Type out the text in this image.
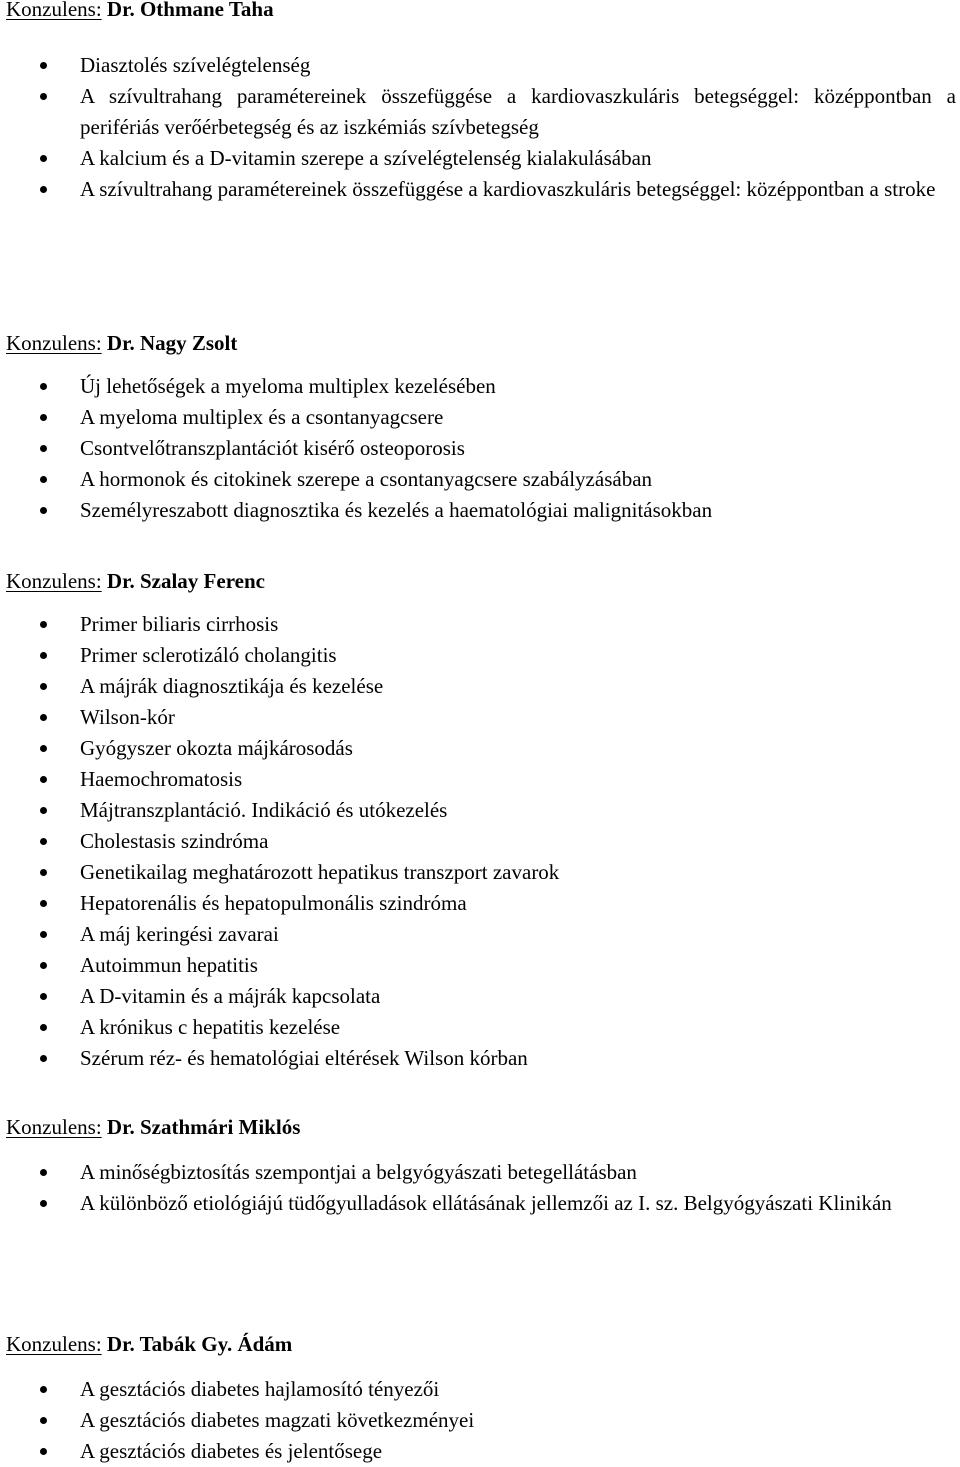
Konzulens: Dr. Othmane Taha
Diasztolés szívelégtelenség
A szívultrahang paramétereinek összefüggése a kardiovaszkuláris betegséggel: középpontban a perifériás verőérbetegség és az iszkémiás szívbetegség
A kalcium és a D-vitamin szerepe a szívelégtelenség kialakulásában
A szívultrahang paramétereinek összefüggése a kardiovaszkuláris betegséggel: középpontban a stroke
Konzulens: Dr. Nagy Zsolt
Új lehetőségek a myeloma multiplex kezelésében
A myeloma multiplex és a csontanyagcsere
Csontvelőtranszplantációt kisérő osteoporosis
A hormonok és citokinek szerepe a csontanyagcsere szabályzásában
Személyreszabott diagnosztika és kezelés a haematológiai malignitásokban
Konzulens: Dr. Szalay Ferenc
Primer biliaris cirrhosis
Primer sclerotizáló cholangitis
A májrák diagnosztikája és kezelése
Wilson-kór
Gyógyszer okozta májkárosodás
Haemochromatosis
Májtranszplantáció. Indikáció és utókezelés
Cholestasis szindróma
Genetikailag meghatározott hepatikus transzport zavarok
Hepatorenális és hepatopulmonális szindróma
A máj keringési zavarai
Autoimmun hepatitis
A D-vitamin és a májrák kapcsolata
A krónikus c hepatitis kezelése
Szérum réz- és hematológiai eltérések Wilson kórban
Konzulens: Dr. Szathmári Miklós
A minőségbiztosítás szempontjai a belgyógyászati betegellátásban
A különböző etiológiájú tüdőgyulladások ellátásának jellemzői az I. sz. Belgyógyászati Klinikán
Konzulens: Dr. Tabák Gy. Ádám
A gesztációs diabetes hajlamosító tényezői
A gesztációs diabetes magzati következményei
A gesztációs diabetes és jelentősege
